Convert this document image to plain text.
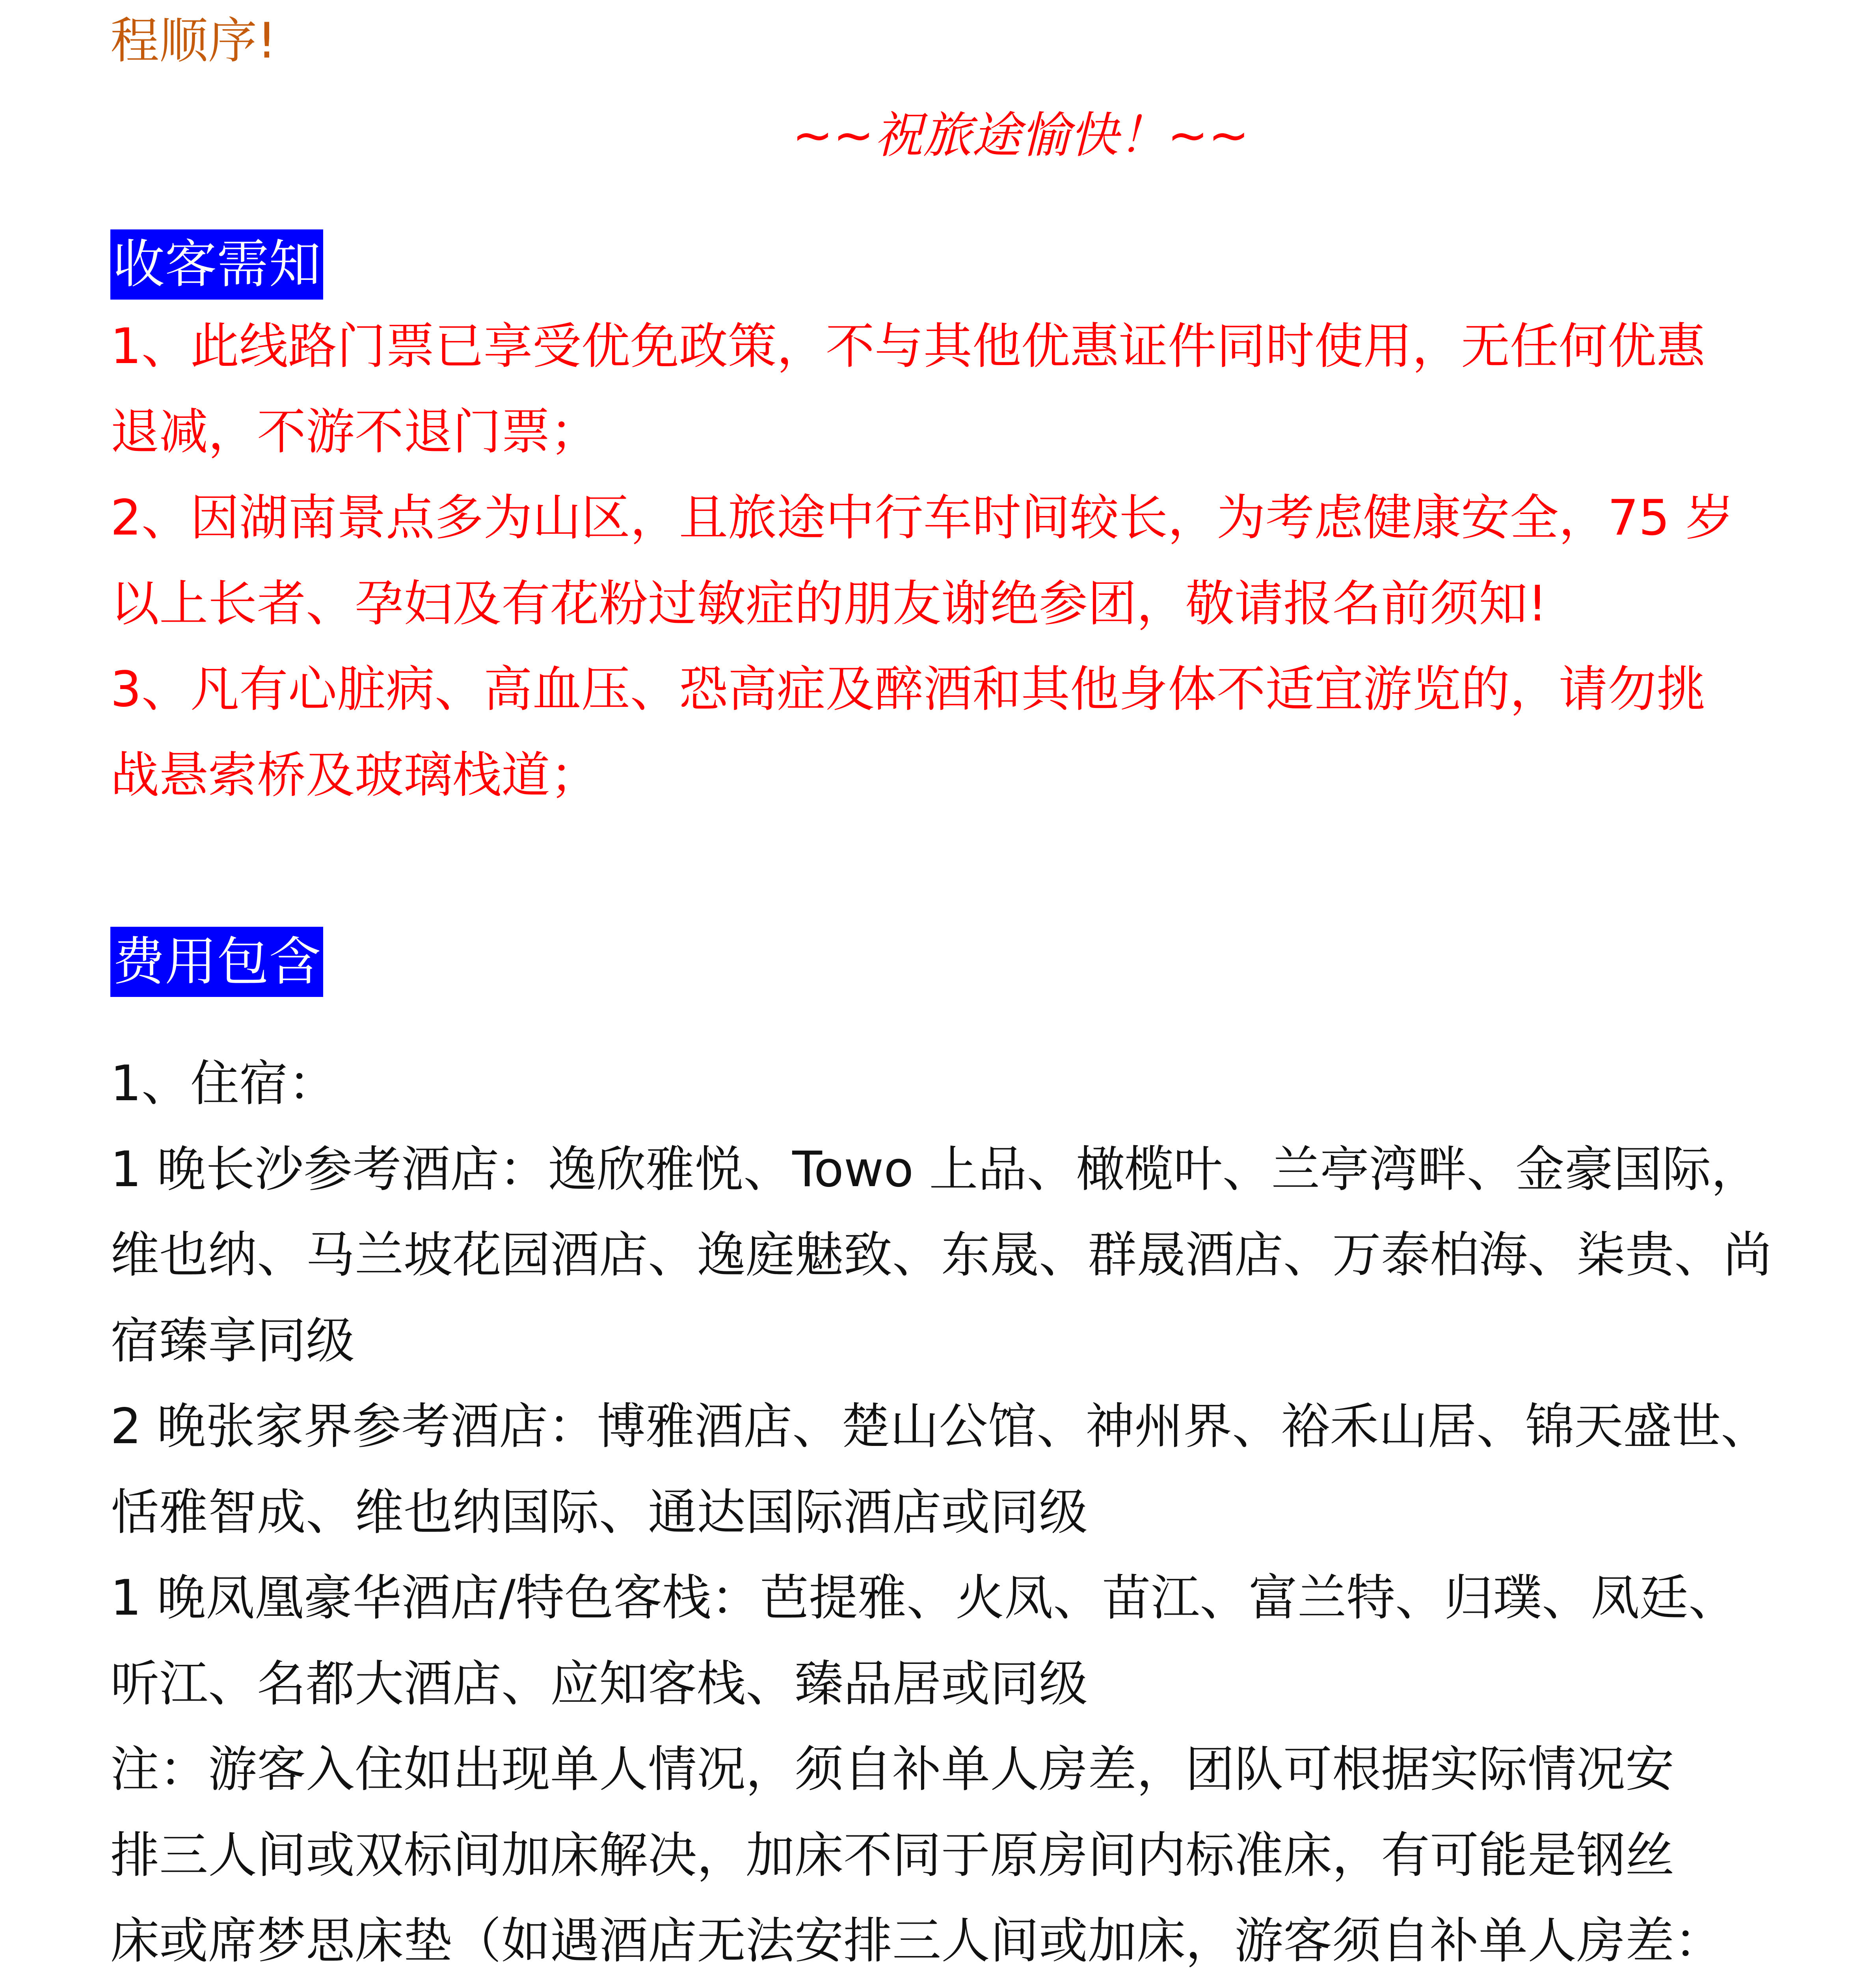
程顺序!
~~祝旅途愉快！~~
收客需知
1、此线路门票已享受优免政策，不与其他优惠证件同时使用，无任何优惠
退减，不游不退门票；
2、因湖南景点多为山区，且旅途中行车时间较长，为考虑健康安全，75 岁
以上长者、孕妇及有花粉过敏症的朋友谢绝参团，敬请报名前须知!
3、凡有心脏病、高血压、恐高症及醉酒和其他身体不适宜游览的，请勿挑
战悬索桥及玻璃栈道；
费用包含
1、住宿：
1 晚长沙参考酒店：逸欣雅悦、Towo 上品、橄榄叶、兰亭湾畔、金豪国际，
维也纳、马兰坡花园酒店、逸庭魅致、东晟、群晟酒店、万泰柏海、柒贵、尚
宿臻享同级
2 晚张家界参考酒店：博雅酒店、楚山公馆、神州界、裕禾山居、锦天盛世、
恬雅智成、维也纳国际、通达国际酒店或同级
1 晚凤凰豪华酒店/特色客栈：芭提雅、火凤、苗江、富兰特、归璞、凤廷、
听江、名都大酒店、应知客栈、臻品居或同级
注：游客入住如出现单人情况，须自补单人房差，团队可根据实际情况安
排三人间或双标间加床解决，加床不同于原房间内标准床，有可能是钢丝
床或席梦思床垫（如遇酒店无法安排三人间或加床，游客须自补单人房差：
